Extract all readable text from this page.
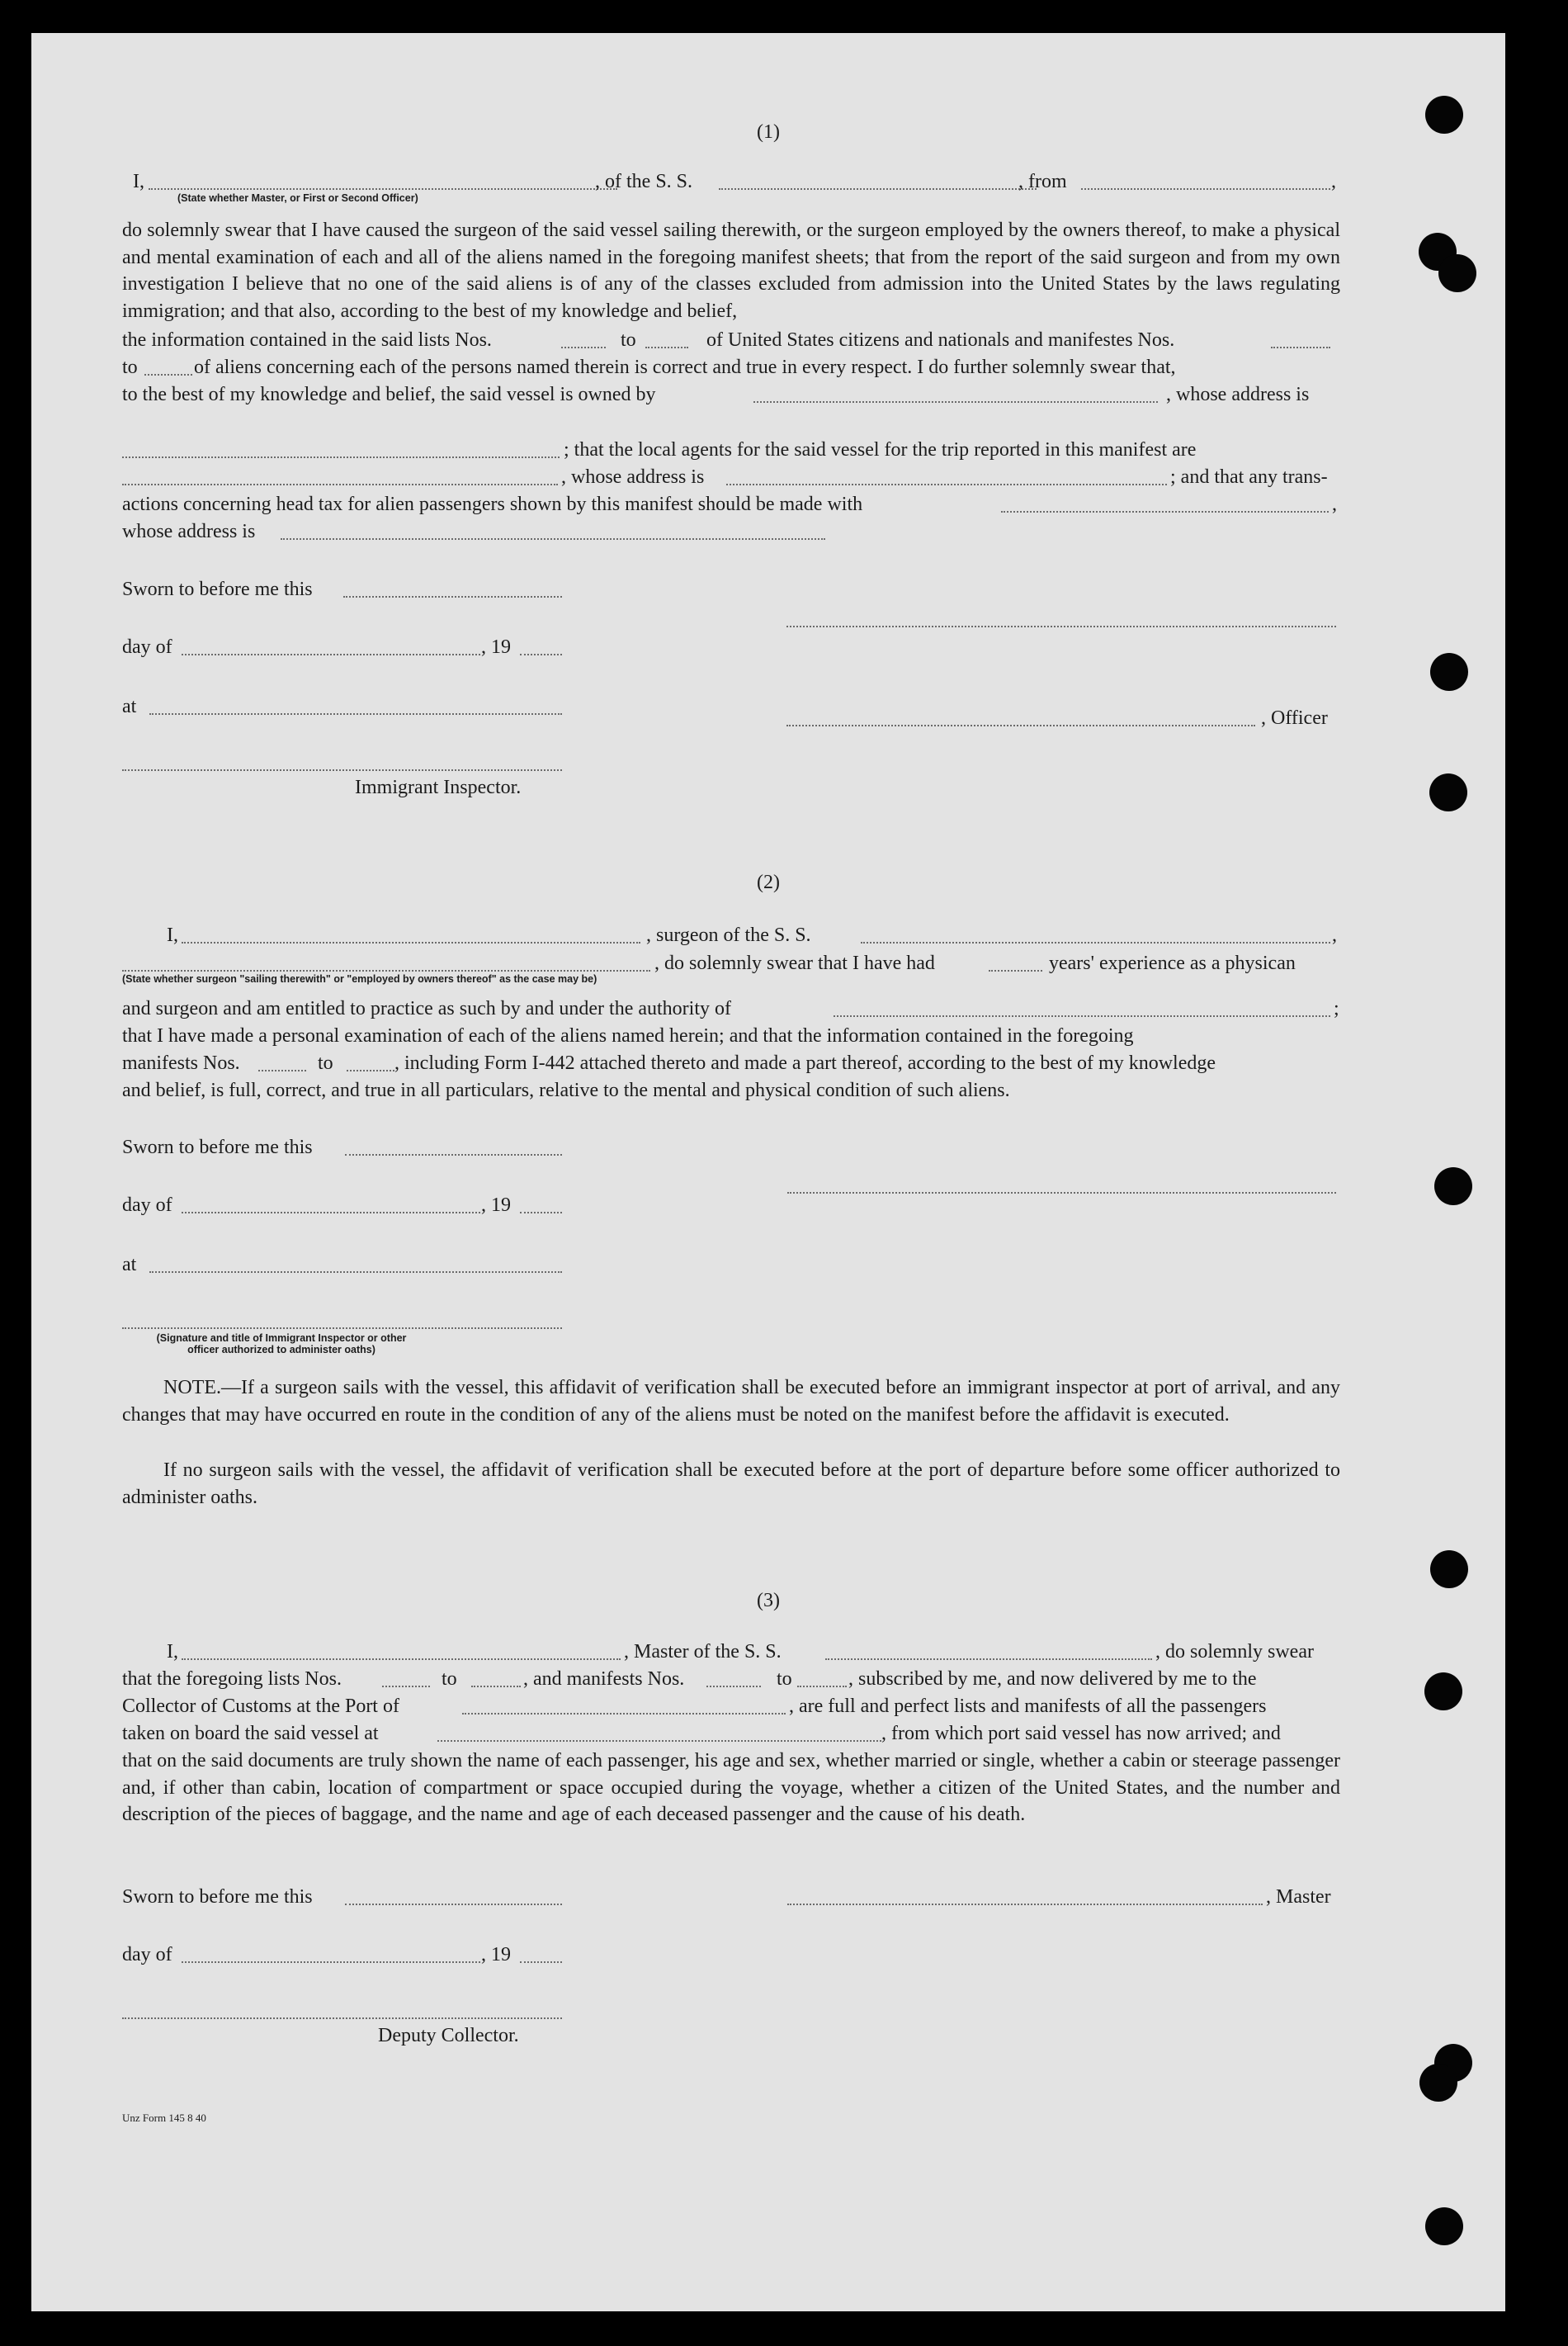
(1)
I,	, of the S. S.	, from	,
(State whether Master, or First or Second Officer)

do solemnly swear that I have caused the surgeon of the said vessel sailing therewith, or the surgeon employed by the owners thereof, to make a physical and mental examination of each and all of the aliens named in the foregoing manifest sheets; that from the report of the said surgeon and from my own investigation I believe that no one of the said aliens is of any of the classes excluded from admission into the United States by the laws regulating immigration; and that also, according to the best of my knowledge and belief,

the information contained in the said lists Nos.	to	of United States citizens and nationals and manifestes Nos.
to	of aliens concerning each of the persons named therein is correct and true in every respect. I do further solemnly swear that,
to the best of my knowledge and belief, the said vessel is owned by	, whose address is
; that the local agents for the said vessel for the trip reported in this manifest are
, whose address is	; and that any trans-
actions concerning head tax for alien passengers shown by this manifest should be made with	,
whose address is
Sworn to before me this
day of	, 19
at
, Officer
Immigrant Inspector.
(2)
I,	, surgeon of the S. S.	,
, do solemnly swear that I have had	years' experience as a physican
(State whether surgeon "sailing therewith" or "employed by owners thereof" as the case may be)
and surgeon and am entitled to practice as such by and under the authority of	;
that I have made a personal examination of each of the aliens named herein; and that the information contained in the foregoing
manifests Nos.	to	, including Form I-442 attached thereto and made a part thereof, according to the best of my knowledge
and belief, is full, correct, and true in all particulars, relative to the mental and physical condition of such aliens.
Sworn to before me this
day of	, 19
at
(Signature and title of Immigrant Inspector or other
officer authorized to administer oaths)

NOTE.—If a surgeon sails with the vessel, this affidavit of verification shall be executed before an immigrant inspector at port of arrival, and any changes that may have occurred en route in the condition of any of the aliens must be noted on the manifest before the affidavit is executed.

If no surgeon sails with the vessel, the affidavit of verification shall be executed before at the port of departure before some officer authorized to administer oaths.

(3)
I,	, Master of the S. S.	, do solemnly swear
that the foregoing lists Nos.	to	, and manifests Nos.	to	, subscribed by me, and now delivered by me to the
Collector of Customs at the Port of	, are full and perfect lists and manifests of all the passengers
taken on board the said vessel at	, from which port said vessel has now arrived; and

that on the said documents are truly shown the name of each passenger, his age and sex, whether married or single, whether a cabin or steerage passenger and, if other than cabin, location of compartment or space occupied during the voyage, whether a citizen of the United States, and the number and description of the pieces of baggage, and the name and age of each deceased passenger and the cause of his death.

Sworn to before me this	, Master
day of	, 19
Deputy Collector.
Unz Form 145 8 40
